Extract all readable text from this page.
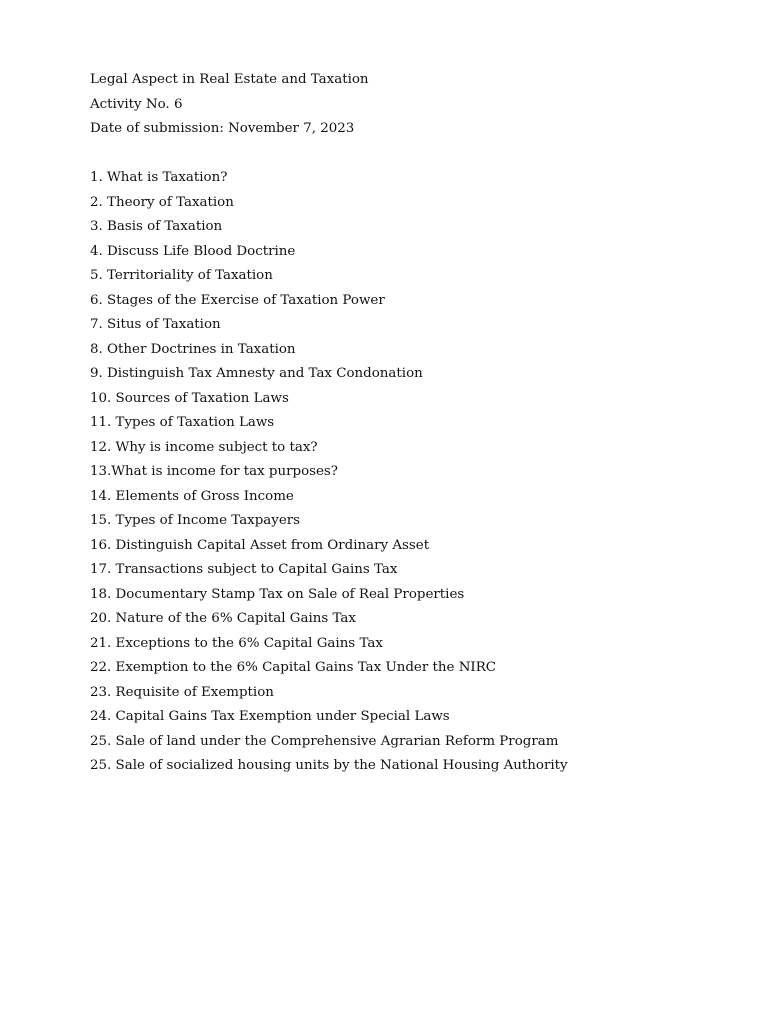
Legal Aspect in Real Estate and Taxation
Activity No. 6
Date of submission: November 7, 2023
1. What is Taxation?
2. Theory of Taxation
3. Basis of Taxation
4. Discuss Life Blood Doctrine
5. Territoriality of Taxation
6. Stages of the Exercise of Taxation Power
7. Situs of Taxation
8. Other Doctrines in Taxation
9. Distinguish Tax Amnesty and Tax Condonation
10. Sources of Taxation Laws
11. Types of Taxation Laws
12. Why is income subject to tax?
13.What is income for tax purposes?
14. Elements of Gross Income
15. Types of Income Taxpayers
16. Distinguish Capital Asset from Ordinary Asset
17. Transactions subject to Capital Gains Tax
18. Documentary Stamp Tax on Sale of Real Properties
20. Nature of the 6% Capital Gains Tax
21. Exceptions to the 6% Capital Gains Tax
22. Exemption to the 6% Capital Gains Tax Under the NIRC
23. Requisite of Exemption
24. Capital Gains Tax Exemption under Special Laws
25. Sale of land under the Comprehensive Agrarian Reform Program
25. Sale of socialized housing units by the National Housing Authority
